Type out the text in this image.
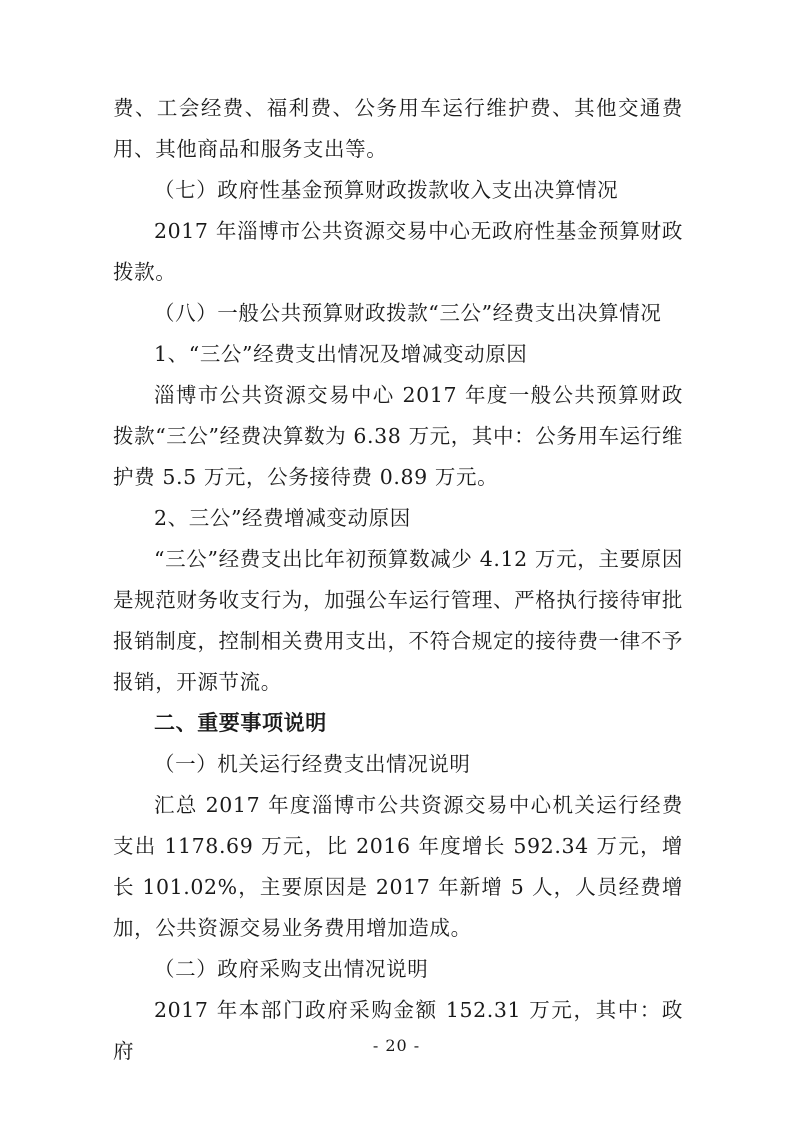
费、工会经费、福利费、公务用车运行维护费、其他交通费用、其他商品和服务支出等。

（七）政府性基金预算财政拨款收入支出决算情况

2017 年淄博市公共资源交易中心无政府性基金预算财政拨款。

（八）一般公共预算财政拨款“三公”经费支出决算情况

1、“三公”经费支出情况及增减变动原因

淄博市公共资源交易中心 2017 年度一般公共预算财政拨款“三公”经费决算数为 6.38 万元，其中：公务用车运行维护费 5.5 万元，公务接待费 0.89 万元。

2、三公”经费增减变动原因

“三公”经费支出比年初预算数减少 4.12 万元，主要原因是规范财务收支行为，加强公车运行管理、严格执行接待审批报销制度，控制相关费用支出，不符合规定的接待费一律不予报销，开源节流。

二、重要事项说明

（一）机关运行经费支出情况说明

汇总 2017 年度淄博市公共资源交易中心机关运行经费支出 1178.69 万元，比 2016 年度增长 592.34 万元，增长 101.02%，主要原因是 2017 年新增 5 人，人员经费增加，公共资源交易业务费用增加造成。

（二）政府采购支出情况说明

2017 年本部门政府采购金额 152.31 万元，其中：政府	- 20 -
